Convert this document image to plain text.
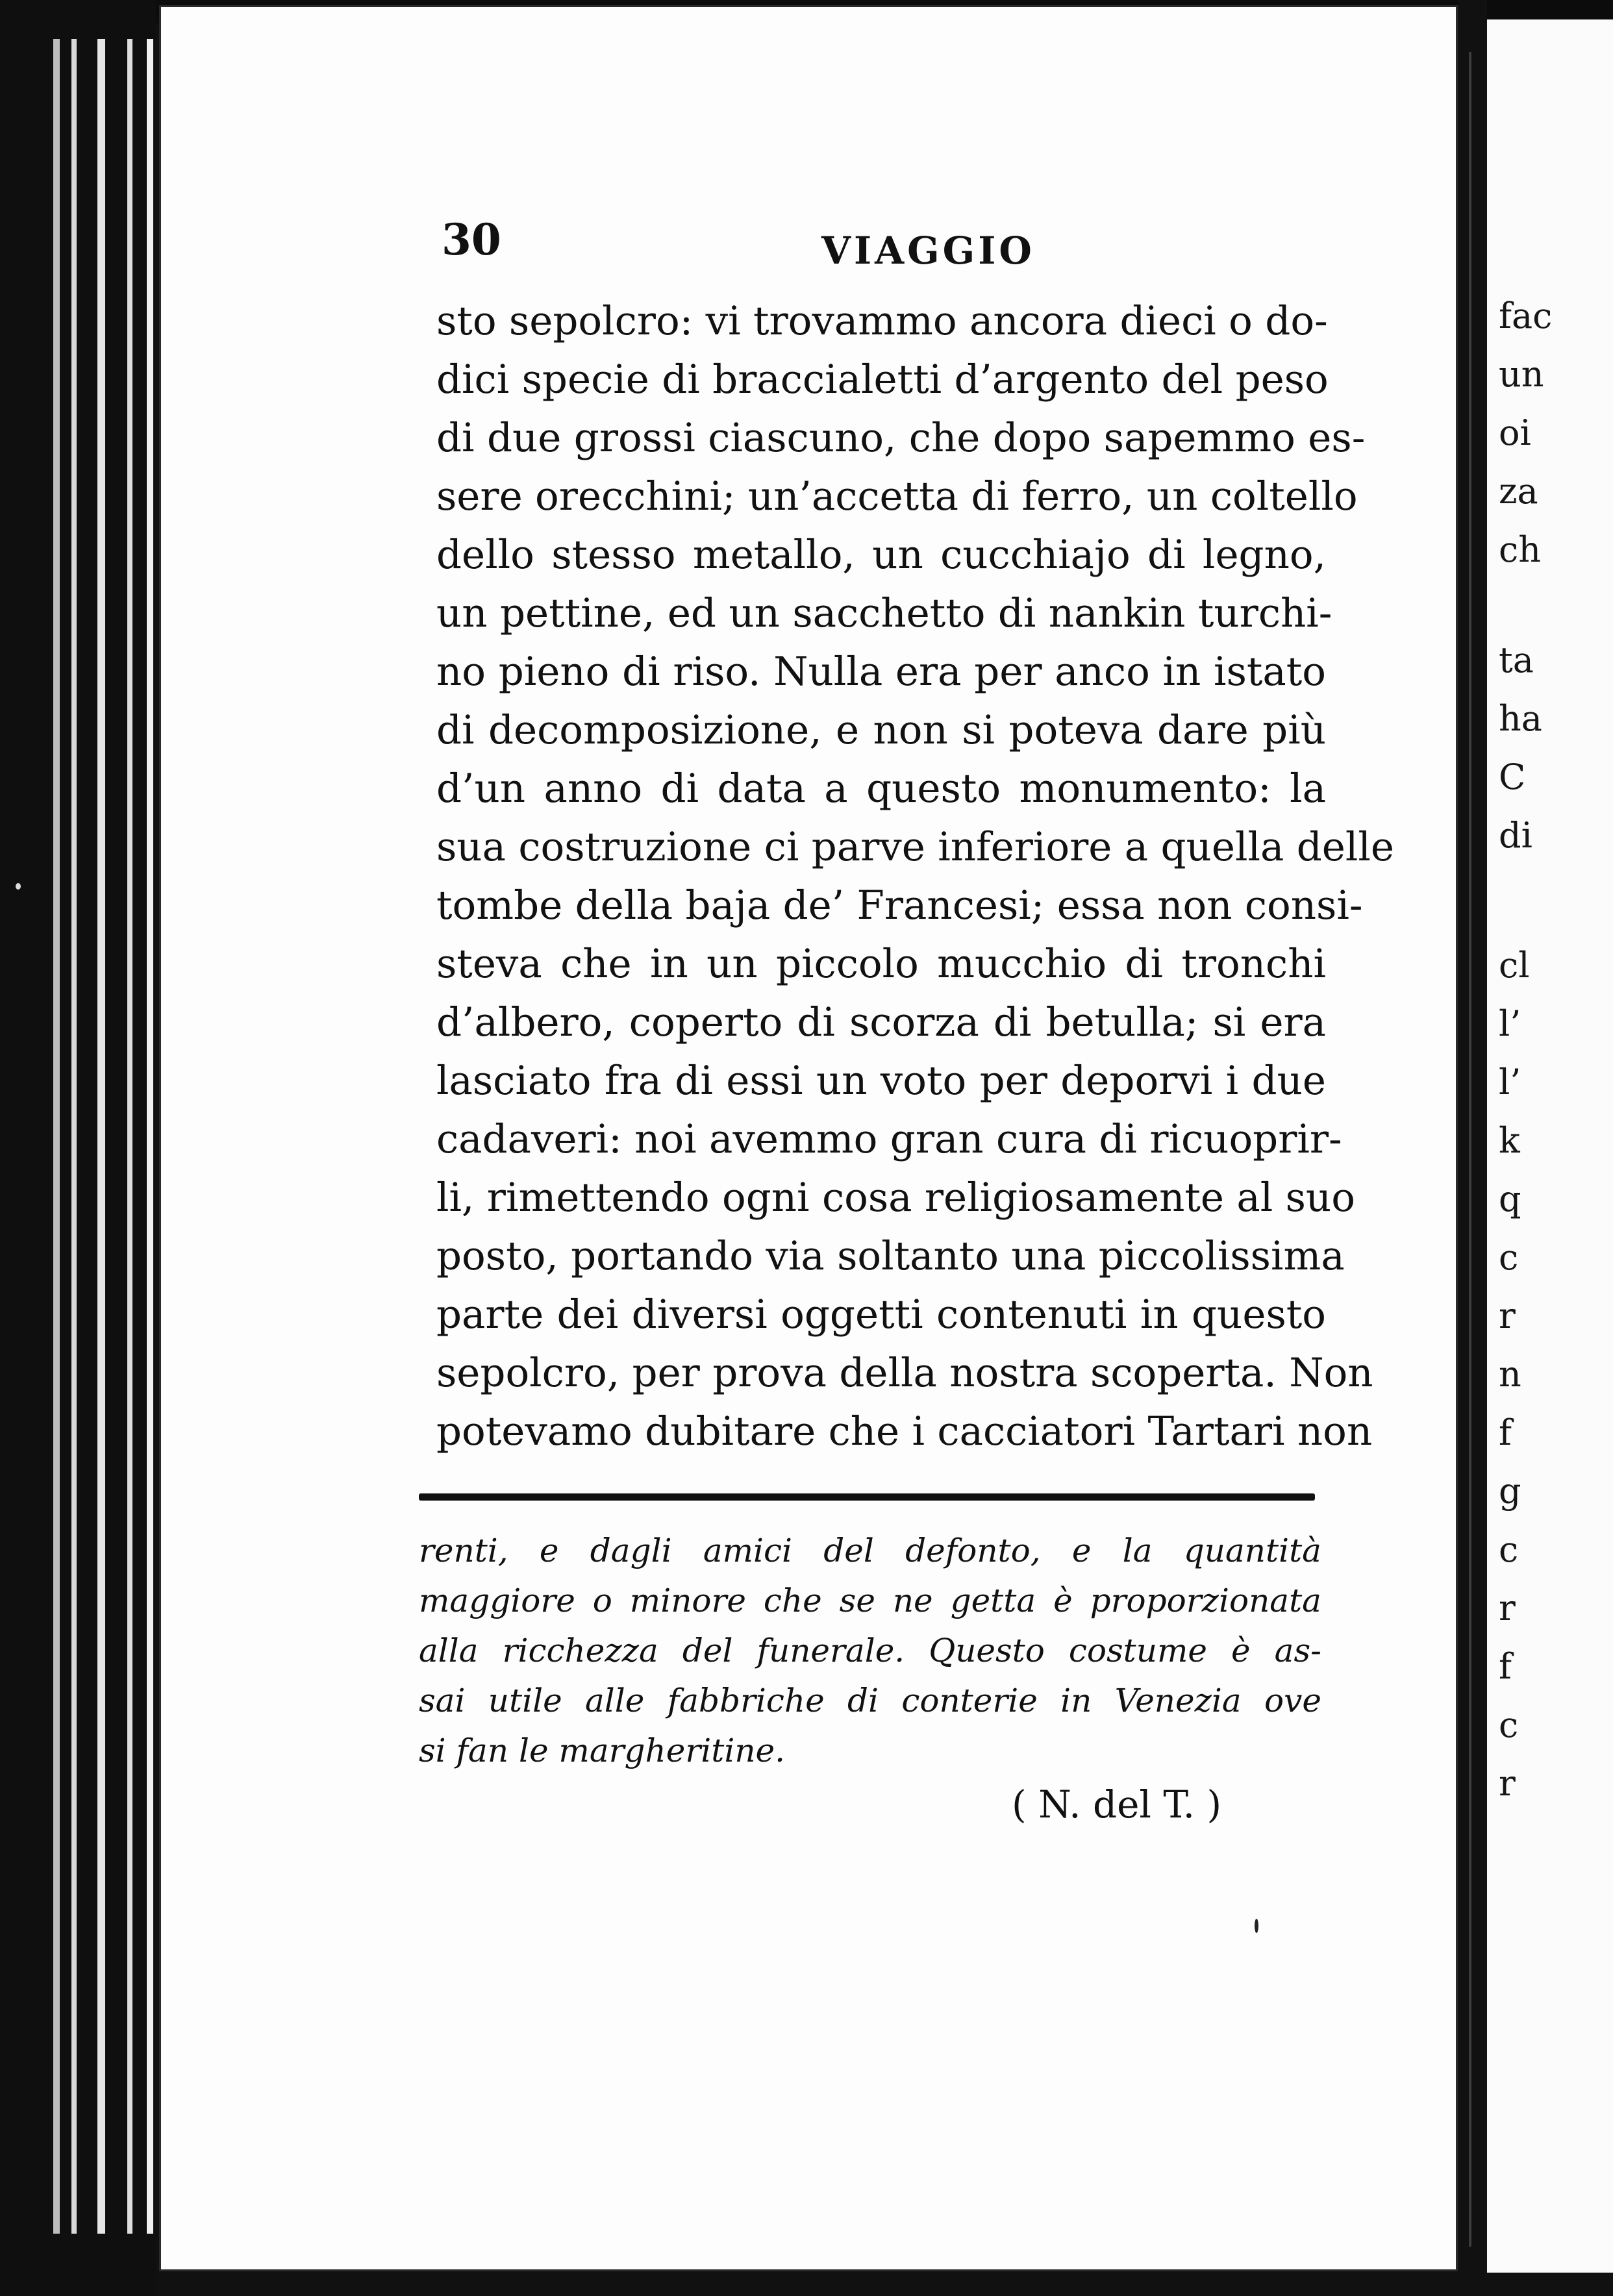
30	VIAGGIO
sto sepolcro: vi trovammo ancora dieci o do-
dici specie di braccialetti d’argento del peso
di due grossi ciascuno, che dopo sapemmo es-
sere orecchini; un’accetta di ferro, un coltello
dello stesso metallo, un cucchiajo di legno,
un pettine, ed un sacchetto di nankin turchi-
no pieno di riso. Nulla era per anco in istato
di decomposizione, e non si poteva dare più
d’un anno di data a questo monumento: la
sua costruzione ci parve inferiore a quella delle
tombe della baja de’ Francesi; essa non consi-
steva che in un piccolo mucchio di tronchi
d’albero, coperto di scorza di betulla; si era
lasciato fra di essi un voto per deporvi i due
cadaveri: noi avemmo gran cura di ricuoprir-
li, rimettendo ogni cosa religiosamente al suo
posto, portando via soltanto una piccolissima
parte dei diversi oggetti contenuti in questo
sepolcro, per prova della nostra scoperta. Non
potevamo dubitare che i cacciatori Tartari non
renti, e dagli amici del defonto, e la quantità
maggiore o minore che se ne getta è proporzionata
alla ricchezza del funerale. Questo costume è as-
sai utile alle fabbriche di conterie in Venezia ove
si fan le margheritine.
( N. del T. )
fac
un
oi
za
ch
ta
ha
C
di
cl
l’
l’
k
q
c
r
n
f
g
c
r
f
c
r
